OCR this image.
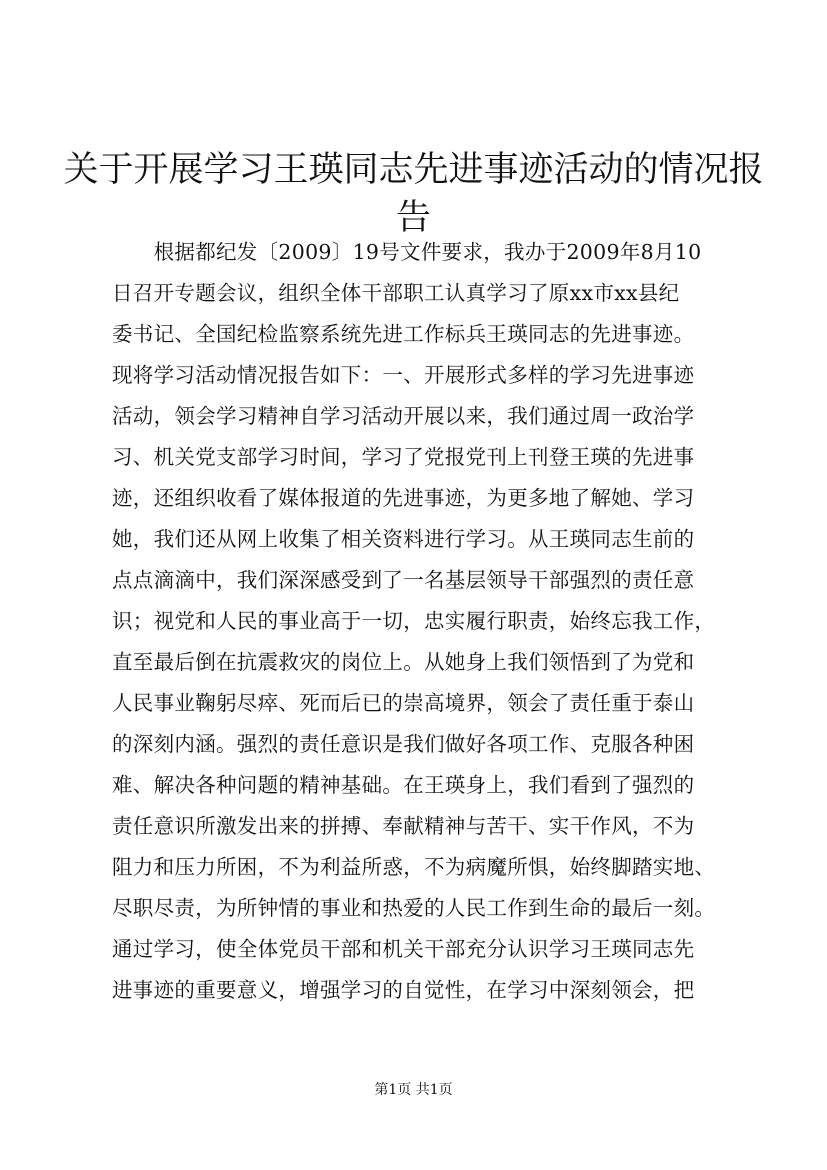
关于开展学习王瑛同志先进事迹活动的情况报告
　　根据都纪发〔2009〕19号文件要求，我办于2009年8月10
日召开专题会议，组织全体干部职工认真学习了原xx市xx县纪
委书记、全国纪检监察系统先进工作标兵王瑛同志的先进事迹。
现将学习活动情况报告如下：一、开展形式多样的学习先进事迹
活动，领会学习精神自学习活动开展以来，我们通过周一政治学
习、机关党支部学习时间，学习了党报党刊上刊登王瑛的先进事
迹，还组织收看了媒体报道的先进事迹，为更多地了解她、学习
她，我们还从网上收集了相关资料进行学习。从王瑛同志生前的
点点滴滴中，我们深深感受到了一名基层领导干部强烈的责任意
识；视党和人民的事业高于一切，忠实履行职责，始终忘我工作，
直至最后倒在抗震救灾的岗位上。从她身上我们领悟到了为党和
人民事业鞠躬尽瘁、死而后已的崇高境界，领会了责任重于泰山
的深刻内涵。强烈的责任意识是我们做好各项工作、克服各种困
难、解决各种问题的精神基础。在王瑛身上，我们看到了强烈的
责任意识所激发出来的拼搏、奉献精神与苦干、实干作风，不为
阻力和压力所困，不为利益所惑，不为病魔所惧，始终脚踏实地、
尽职尽责，为所钟情的事业和热爱的人民工作到生命的最后一刻。
通过学习，使全体党员干部和机关干部充分认识学习王瑛同志先
进事迹的重要意义，增强学习的自觉性，在学习中深刻领会，把
第1页 共1页
